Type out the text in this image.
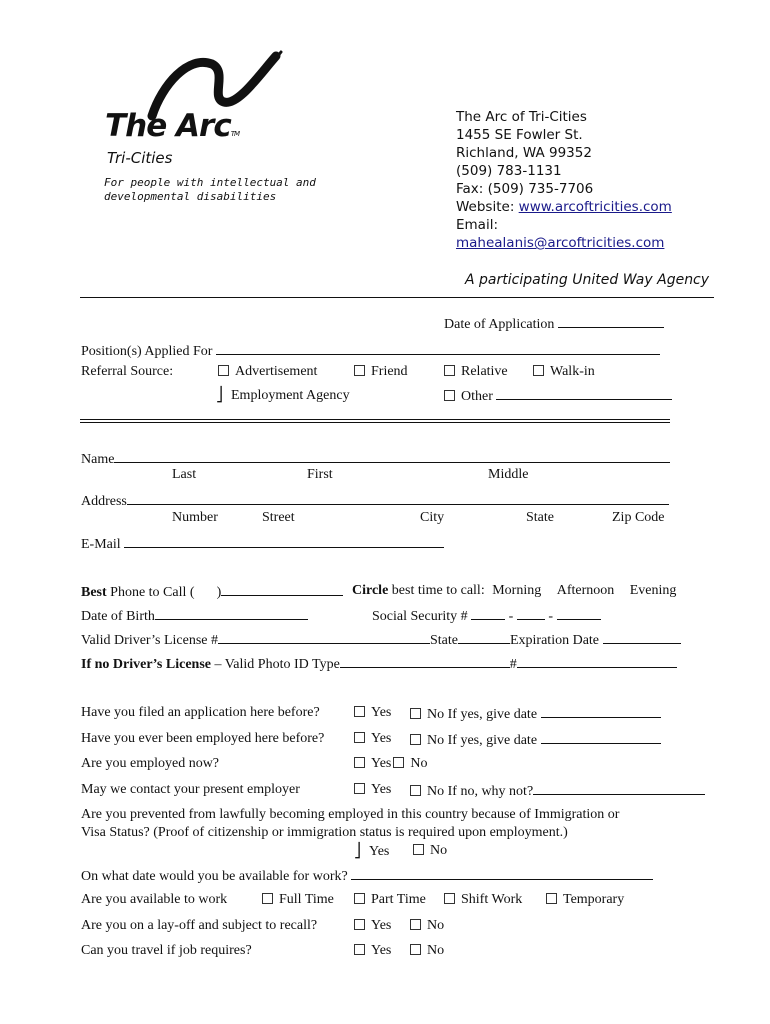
The ArcTM
Tri-Cities
For people with intellectual and
developmental disabilities
The Arc of Tri-Cities
1455 SE Fowler St.
Richland, WA 99352
(509) 783-1131
Fax: (509) 735-7706
Website: www.arcoftricities.com
Email:
mahealanis@arcoftricities.com
A participating United Way Agency
Date of Application
Position(s) Applied For
Referral Source:	Advertisement	Friend	Relative	Walk-in
⎦ Employment Agency	Other
Name
Last	First	Middle
Address
Number	Street	City	State	Zip Code
E-Mail
Best Phone to Call ( )	Circle best time to call: Morning Afternoon Evening
Date of Birth	Social Security #	-	-
Valid Driver’s License #	State	Expiration Date
If no Driver’s License – Valid Photo ID Type	#
Have you filed an application here before?	Yes	No If yes, give date
Have you ever been employed here before?	Yes	No If yes, give date
Are you employed now?	Yes No
May we contact your present employer	Yes	No If no, why not?
Are you prevented from lawfully becoming employed in this country because of Immigration or
Visa Status? (Proof of citizenship or immigration status is required upon employment.)
⎦ Yes	No
On what date would you be available for work?
Are you available to work	Full Time	Part Time	Shift Work	Temporary
Are you on a lay-off and subject to recall?	Yes	No
Can you travel if job requires?	Yes	No
